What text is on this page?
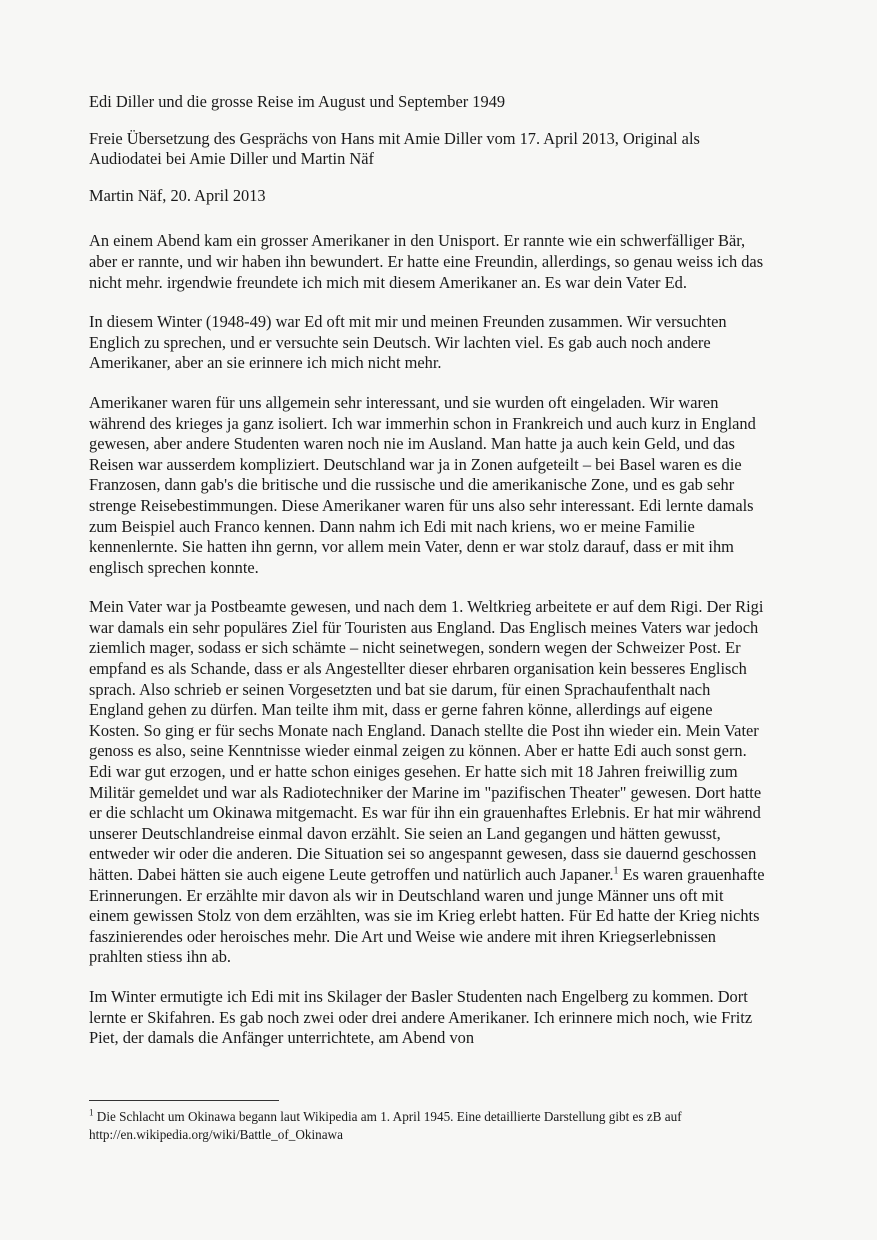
Edi Diller und die grosse Reise im August und September 1949

Freie Übersetzung des Gesprächs von Hans mit Amie Diller vom 17. April 2013, Original als Audiodatei bei Amie Diller und Martin Näf

Martin Näf, 20. April 2013

An einem Abend kam ein grosser Amerikaner in den Unisport. Er rannte wie ein schwerfälliger Bär, aber er rannte, und wir haben ihn bewundert. Er hatte eine Freundin, allerdings, so genau weiss ich das nicht mehr. irgendwie freundete ich mich mit diesem Amerikaner an. Es war dein Vater Ed.

In diesem Winter (1948-49) war Ed oft mit mir und meinen Freunden zusammen. Wir versuchten Englich zu sprechen, und er versuchte sein Deutsch. Wir lachten viel. Es gab auch noch andere Amerikaner, aber an sie erinnere ich mich nicht mehr.

Amerikaner waren für uns allgemein sehr interessant, und sie wurden oft eingeladen. Wir waren während des krieges ja ganz isoliert. Ich war immerhin schon in Frankreich und auch kurz in England gewesen, aber andere Studenten waren noch nie im Ausland. Man hatte ja auch kein Geld, und das Reisen war ausserdem kompliziert. Deutschland war ja in Zonen aufgeteilt – bei Basel waren es die Franzosen, dann gab's die britische und die russische und die amerikanische Zone, und es gab sehr strenge Reisebestimmungen. Diese Amerikaner waren für uns also sehr interessant. Edi lernte damals zum Beispiel auch Franco kennen. Dann nahm ich Edi mit nach kriens, wo er meine Familie kennenlernte. Sie hatten ihn gernn, vor allem mein Vater, denn er war stolz darauf, dass er mit ihm englisch sprechen konnte.

Mein Vater war ja Postbeamte gewesen, und nach dem 1. Weltkrieg arbeitete er auf dem Rigi. Der Rigi war damals ein sehr populäres Ziel für Touristen aus England. Das Englisch meines Vaters war jedoch ziemlich mager, sodass er sich schämte – nicht seinetwegen, sondern wegen der Schweizer Post. Er empfand es als Schande, dass er als Angestellter dieser ehrbaren organisation kein besseres Englisch sprach. Also schrieb er seinen Vorgesetzten und bat sie darum, für einen Sprachaufenthalt nach England gehen zu dürfen. Man teilte ihm mit, dass er gerne fahren könne, allerdings auf eigene Kosten. So ging er für sechs Monate nach England. Danach stellte die Post ihn wieder ein. Mein Vater genoss es also, seine Kenntnisse wieder einmal zeigen zu können. Aber er hatte Edi auch sonst gern. Edi war gut erzogen, und er hatte schon einiges gesehen. Er hatte sich mit 18 Jahren freiwillig zum Militär gemeldet und war als Radiotechniker der Marine im "pazifischen Theater" gewesen. Dort hatte er die schlacht um Okinawa mitgemacht. Es war für ihn ein grauenhaftes Erlebnis. Er hat mir während unserer Deutschlandreise einmal davon erzählt. Sie seien an Land gegangen und hätten gewusst, entweder wir oder die anderen. Die Situation sei so angespannt gewesen, dass sie dauernd geschossen hätten. Dabei hätten sie auch eigene Leute getroffen und natürlich auch Japaner.$^1$ Es waren grauenhafte Erinnerungen. Er erzählte mir davon als wir in Deutschland waren und junge Männer uns oft mit einem gewissen Stolz von dem erzählten, was sie im Krieg erlebt hatten. Für Ed hatte der Krieg nichts faszinierendes oder heroisches mehr. Die Art und Weise wie andere mit ihren Kriegserlebnissen prahlten stiess ihn ab.

Im Winter ermutigte ich Edi mit ins Skilager der Basler Studenten nach Engelberg zu kommen. Dort lernte er Skifahren. Es gab noch zwei oder drei andere Amerikaner. Ich erinnere mich noch, wie Fritz Piet, der damals die Anfänger unterrichtete, am Abend von

$^1$ Die Schlacht um Okinawa begann laut Wikipedia am 1. April 1945. Eine detaillierte Darstellung gibt es zB auf http://en.wikipedia.org/wiki/Battle_of_Okinawa
